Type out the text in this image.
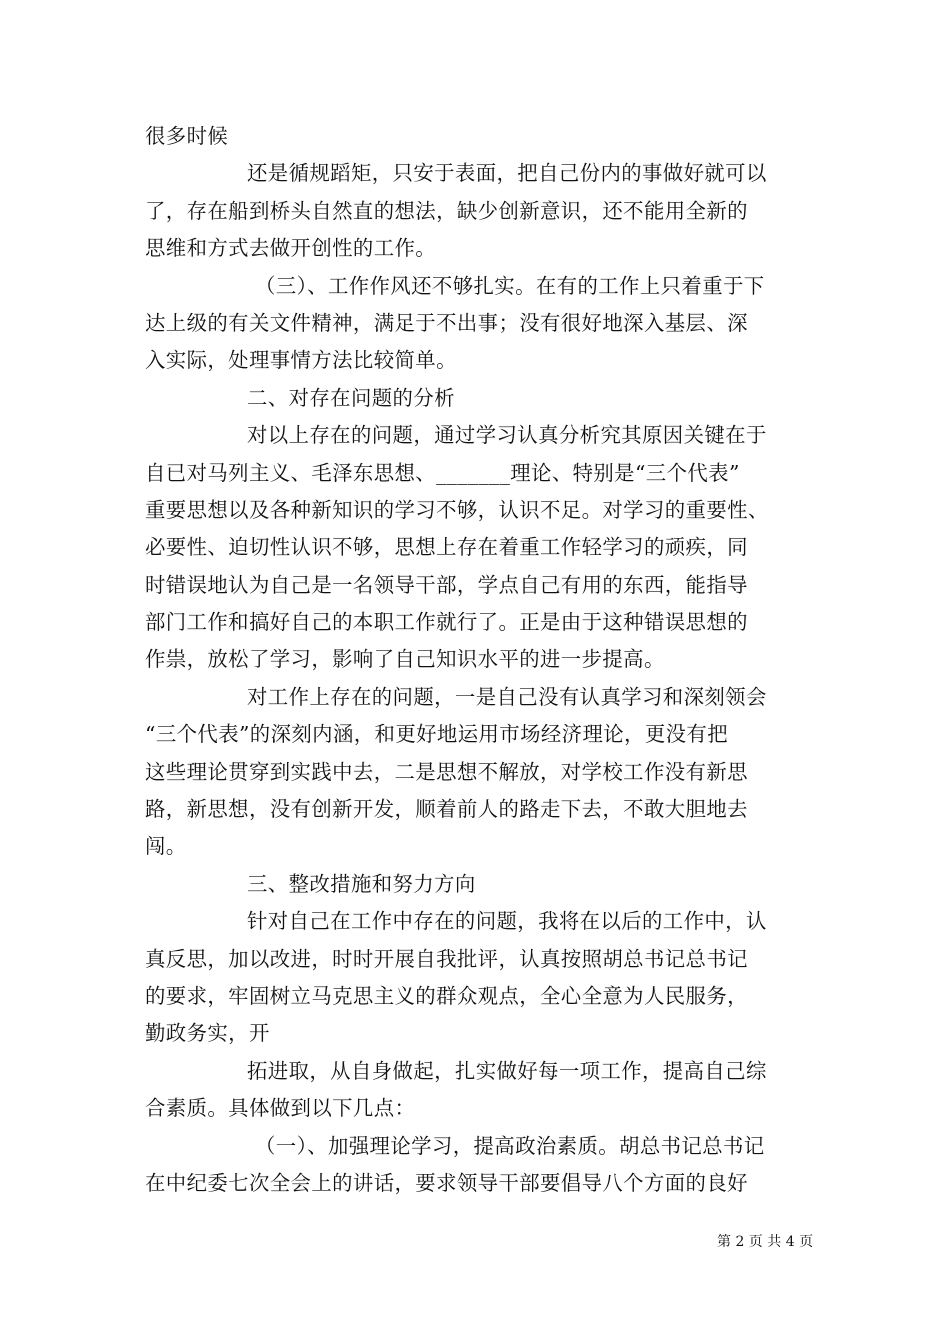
很多时候
还是循规蹈矩，只安于表面，把自己份内的事做好就可以
了，存在船到桥头自然直的想法，缺少创新意识，还不能用全新的
思维和方式去做开创性的工作。
（三）、工作作风还不够扎实。在有的工作上只着重于下
达上级的有关文件精神，满足于不出事；没有很好地深入基层、深
入实际，处理事情方法比较简单。
二、对存在问题的分析
对以上存在的问题，通过学习认真分析究其原因关键在于
自已对马列主义、毛泽东思想、_______理论、特别是“三个代表”
重要思想以及各种新知识的学习不够，认识不足。对学习的重要性、
必要性、迫切性认识不够，思想上存在着重工作轻学习的顽疾，同
时错误地认为自己是一名领导干部，学点自己有用的东西，能指导
部门工作和搞好自己的本职工作就行了。正是由于这种错误思想的
作祟，放松了学习，影响了自己知识水平的进一步提高。
对工作上存在的问题，一是自己没有认真学习和深刻领会
“三个代表”的深刻内涵，和更好地运用市场经济理论，更没有把
这些理论贯穿到实践中去，二是思想不解放，对学校工作没有新思
路，新思想，没有创新开发，顺着前人的路走下去，不敢大胆地去
闯。
三、整改措施和努力方向
针对自己在工作中存在的问题，我将在以后的工作中，认
真反思，加以改进，时时开展自我批评，认真按照胡总书记总书记
的要求，牢固树立马克思主义的群众观点，全心全意为人民服务，
勤政务实，开
拓进取，从自身做起，扎实做好每一项工作，提高自己综
合素质。具体做到以下几点：
（一）、加强理论学习，提高政治素质。胡总书记总书记
在中纪委七次全会上的讲话，要求领导干部要倡导八个方面的良好
第 2 页 共 4 页
